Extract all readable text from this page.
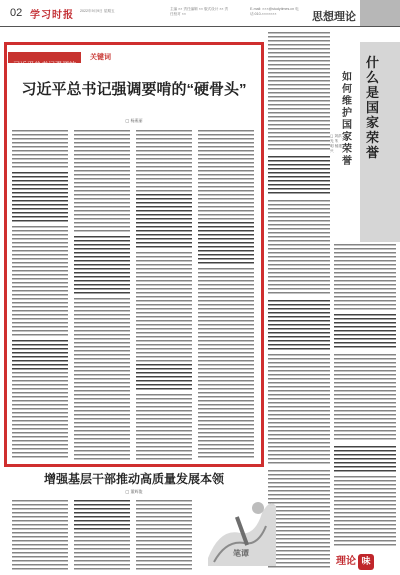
02 学习时报 2022年9月9日 星期五	主编 ×× 责任编辑 ×× 版式设计 ×× 责任校对 ××
E-mail: ×××@studytimes.cn 电话:010-×××××××	思想理论
习近平总书记强调的
关键词
习近平总书记强调要啃的“硬骨头”
□ 杨燕丽
什么是国家荣誉
如何维护国家荣誉
□ 刘洪光 朱 明 郁建兴
增强基层干部推动高质量发展本领
□ 董辉俊
笔谭
理论 味
